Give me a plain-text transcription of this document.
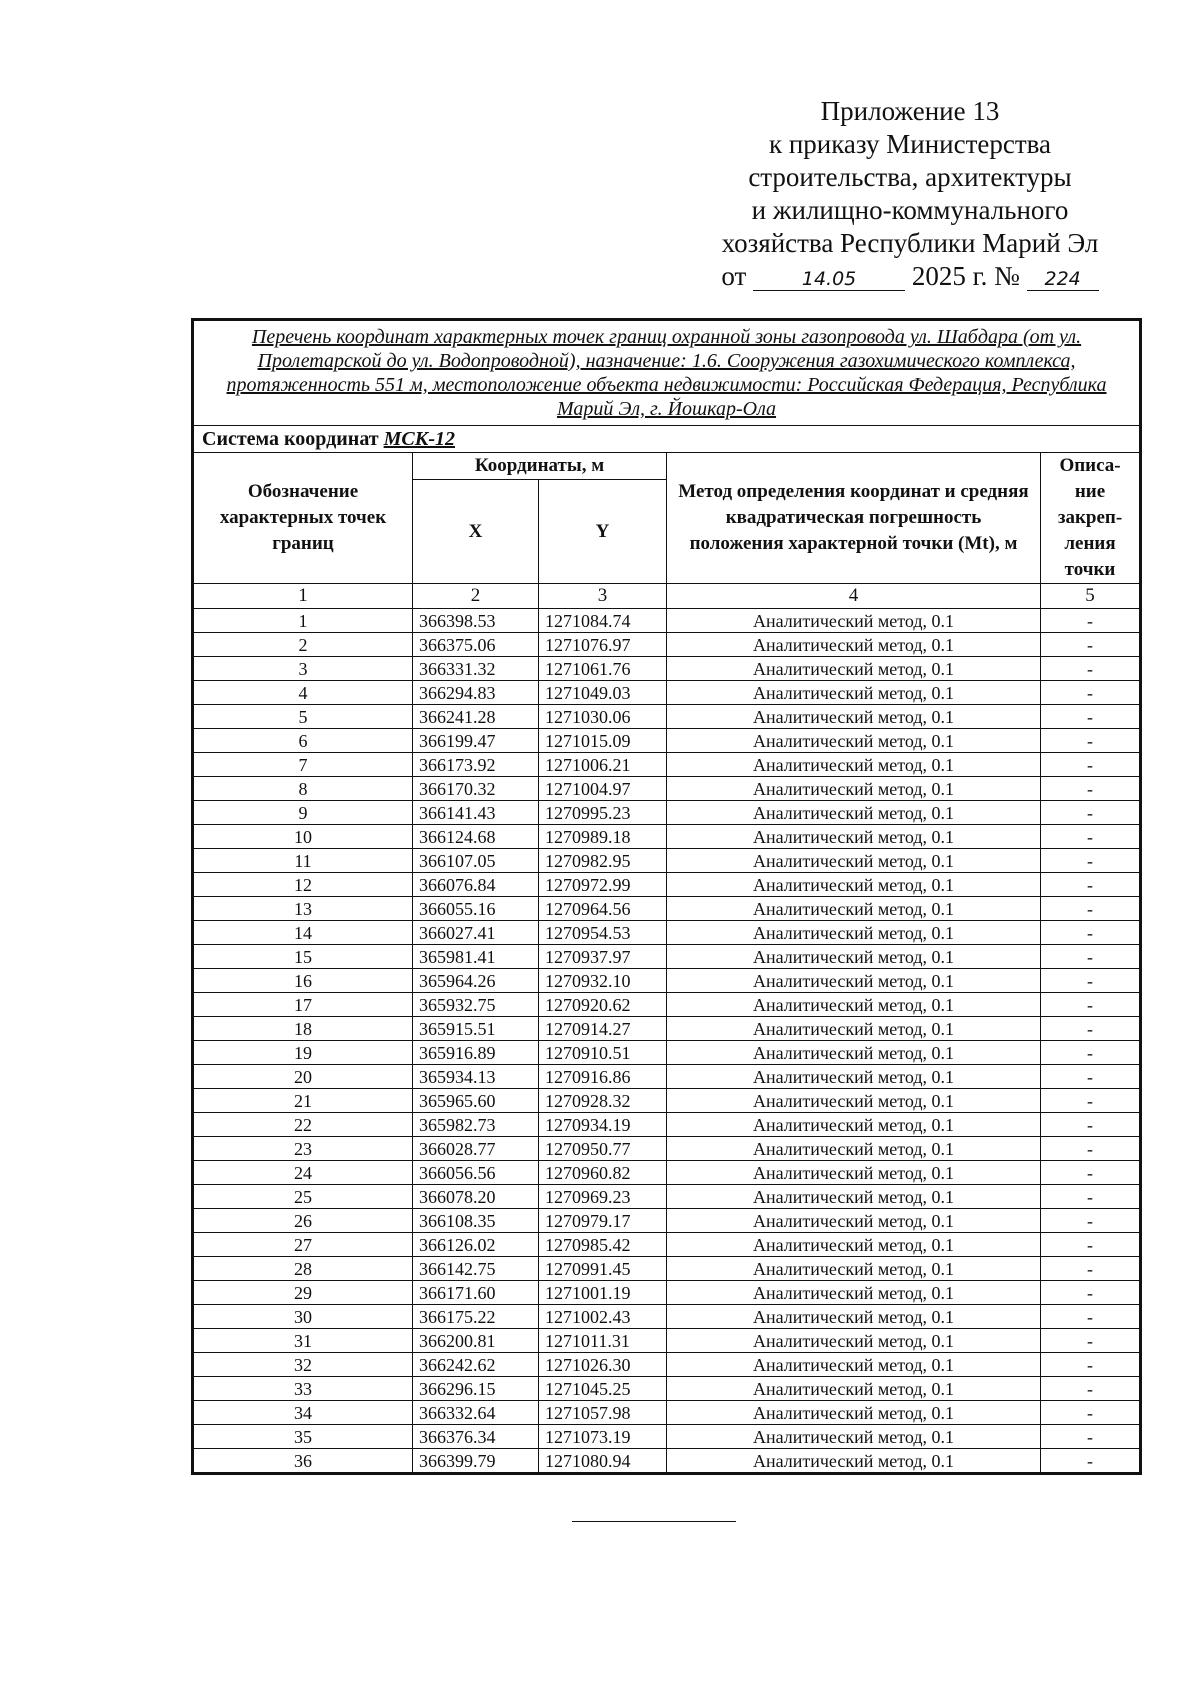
Приложение 13
к приказу Министерства
строительства, архитектуры
и жилищно-коммунального
хозяйства Республики Марий Эл
от	14.05 2025 г. № 224
Перечень координат характерных точек границ охранной зоны газопровода ул. Шабдара (от ул. Пролетарской до ул. Водопроводной), назначение: 1.6. Сооружения газохимического комплекса, протяженность 551 м, местоположение объекта недвижимости: Российская Федерация, Республика Марий Эл, г. Йошкар-Ола				
Система координат МСК-12				
Обозначение характерных точек границ	Координаты, м		Метод определения координат и средняя квадратическая погрешность положения характерной точки (Mt), м	Описа-ние закреп-ления точки
	X	Y		
1	2	3	4	5
1	366398.53	1271084.74	Аналитический метод, 0.1	-
2	366375.06	1271076.97	Аналитический метод, 0.1	-
3	366331.32	1271061.76	Аналитический метод, 0.1	-
4	366294.83	1271049.03	Аналитический метод, 0.1	-
5	366241.28	1271030.06	Аналитический метод, 0.1	-
6	366199.47	1271015.09	Аналитический метод, 0.1	-
7	366173.92	1271006.21	Аналитический метод, 0.1	-
8	366170.32	1271004.97	Аналитический метод, 0.1	-
9	366141.43	1270995.23	Аналитический метод, 0.1	-
10	366124.68	1270989.18	Аналитический метод, 0.1	-
11	366107.05	1270982.95	Аналитический метод, 0.1	-
12	366076.84	1270972.99	Аналитический метод, 0.1	-
13	366055.16	1270964.56	Аналитический метод, 0.1	-
14	366027.41	1270954.53	Аналитический метод, 0.1	-
15	365981.41	1270937.97	Аналитический метод, 0.1	-
16	365964.26	1270932.10	Аналитический метод, 0.1	-
17	365932.75	1270920.62	Аналитический метод, 0.1	-
18	365915.51	1270914.27	Аналитический метод, 0.1	-
19	365916.89	1270910.51	Аналитический метод, 0.1	-
20	365934.13	1270916.86	Аналитический метод, 0.1	-
21	365965.60	1270928.32	Аналитический метод, 0.1	-
22	365982.73	1270934.19	Аналитический метод, 0.1	-
23	366028.77	1270950.77	Аналитический метод, 0.1	-
24	366056.56	1270960.82	Аналитический метод, 0.1	-
25	366078.20	1270969.23	Аналитический метод, 0.1	-
26	366108.35	1270979.17	Аналитический метод, 0.1	-
27	366126.02	1270985.42	Аналитический метод, 0.1	-
28	366142.75	1270991.45	Аналитический метод, 0.1	-
29	366171.60	1271001.19	Аналитический метод, 0.1	-
30	366175.22	1271002.43	Аналитический метод, 0.1	-
31	366200.81	1271011.31	Аналитический метод, 0.1	-
32	366242.62	1271026.30	Аналитический метод, 0.1	-
33	366296.15	1271045.25	Аналитический метод, 0.1	-
34	366332.64	1271057.98	Аналитический метод, 0.1	-
35	366376.34	1271073.19	Аналитический метод, 0.1	-
36	366399.79	1271080.94	Аналитический метод, 0.1	-
